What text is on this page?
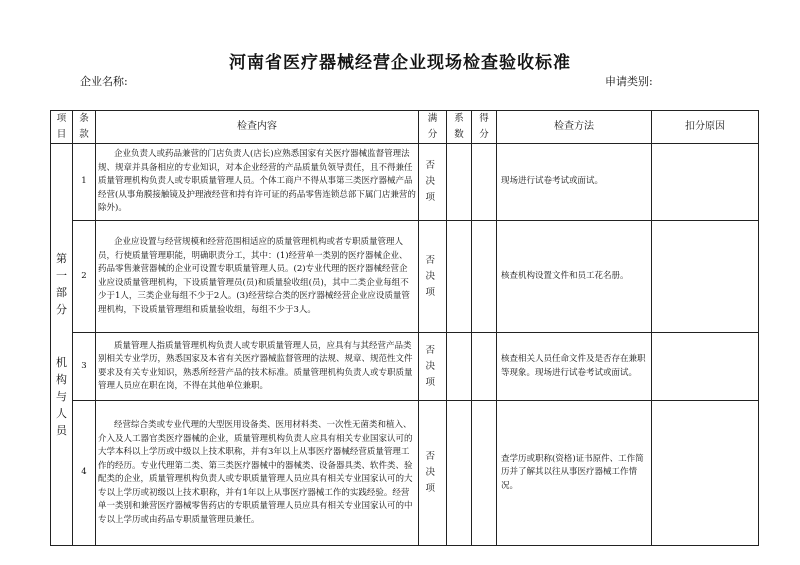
河南省医疗器械经营企业现场检查验收标准
企业名称:	申请类别:
项目	条款	检查内容	满分	系数	得分	检查方法	扣分原因

第一部分
机构与人员	1	企业负责人或药品兼营的门店负责人(店长)应熟悉国家有关医疗器械监督管理法规、规章并具备相应的专业知识，对本企业经营的产品质量负领导责任，且不得兼任质量管理机构负责人或专职质量管理人员。个体工商户不得从事第三类医疗器械产品经营(从事角膜接触镜及护理液经营和持有许可证的药品零售连锁总部下属门店兼营的除外)。	否决项			现场进行试卷考试或面试。	
	2	企业应设置与经营规模和经营范围相适应的质量管理机构或者专职质量管理人员，行使质量管理职能，明确职责分工，其中：(1)经营单一类别的医疗器械企业、药品零售兼营器械的企业可设置专职质量管理人员。(2)专业代理的医疗器械经营企业应设质量管理机构，下设质量管理员(员)和质量验收组(员)，其中二类企业每组不少于1人，三类企业每组不少于2人。(3)经营综合类的医疗器械经营企业应设质量管理机构，下设质量管理组和质量验收组，每组不少于3人。	否决项			核查机构设置文件和员工花名册。	
	3	质量管理人指质量管理机构负责人或专职质量管理人员，应具有与其经营产品类别相关专业学历，熟悉国家及本省有关医疗器械监督管理的法规、规章、规范性文件要求及有关专业知识，熟悉所经营产品的技术标准。质量管理机构负责人或专职质量管理人员应在职在岗，不得在其他单位兼职。	否决项			核查相关人员任命文件及是否存在兼职等现象。现场进行试卷考试或面试。	
	4	经营综合类或专业代理的大型医用设备类、医用材料类、一次性无菌类和植入、介入及人工器官类医疗器械的企业，质量管理机构负责人应具有相关专业国家认可的大学本科以上学历或中级以上技术职称，并有3年以上从事医疗器械经营质量管理工作的经历。专业代理第二类、第三类医疗器械中的器械类、设备器具类、软件类、验配类的企业，质量管理机构负责人或专职质量管理人员应具有相关专业国家认可的大专以上学历或初级以上技术职称，并有1年以上从事医疗器械工作的实践经验。经营单一类别和兼营医疗器械零售药店的专职质量管理人员应具有相关专业国家认可的中专以上学历或由药品专职质量管理员兼任。	否决项			查学历或职称(资格)证书原件、工作简历并了解其以往从事医疗器械工作情况。	
